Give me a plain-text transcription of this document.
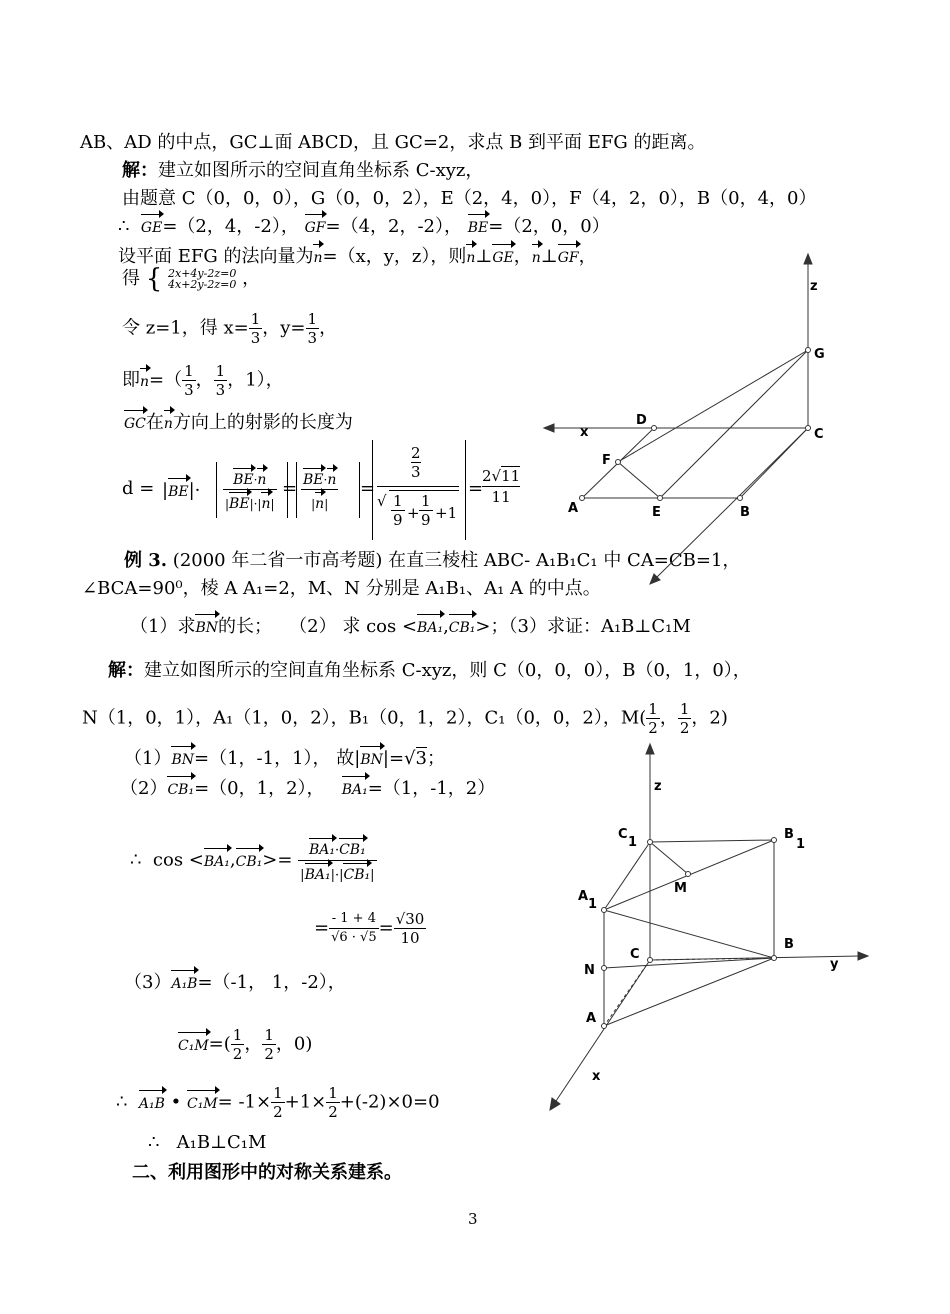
AB、AD 的中点，GC⊥面 ABCD，且 GC=2，求点 B 到平面 EFG 的距离。
解：建立如图所示的空间直角坐标系 C-xyz，
由题意 C（0，0，0），G（0，0，2），E（2，4，0），F（4，2，0），B（0，4，0）
∴ GE=（2，4，-2）， GF=（4，2，-2）， BE=（2，0，0）
设平面 EFG 的法向量为n=（x，y，z），则n⊥GE，n⊥GF，
得 { 2x+4y-2z=0
4x+2y-2z=0 ，
令 z=1，得 $x= \frac{1}{3}$ ，$y= \frac{1}{3}$ ，
即$n=( \frac{1}{3}$ ， $\frac{1}{3}$ ，1），
GC在n方向上的射影的长度为
$d = |BE|\cdot \frac{BE\cdot n}{|BE|\cdot|n|} = \frac{BE\cdot n}{|n|}$ =
2
3
√ $\frac{1}{9} + \frac{1}{9} +1$
=
2√11
11
例 3. (2000 年二省一市高考题) 在直三棱柱 ABC- A₁B₁C₁ 中 CA=CB=1，
∠BCA=90⁰，棱 A A₁=2，M、N 分别是 A₁B₁、A₁ A 的中点。
（1）求BN的长； （2） 求 cos <BA₁,CB₁>；（3）求证：A₁B⊥C₁M
解：建立如图所示的空间直角坐标系 C-xyz，则 C（0，0，0），B（0，1，0），
N（1，0，1），A₁（1，0，2），B₁（0，1，2），C₁（0，0，2），$M( \frac{1}{2}$ ， $\frac{1}{2}$ ，2)
（1）BN=（1，-1，1）， 故|BN|=√3；
（2）CB₁=（0，1，2）， BA₁=（1，-1，2）
∴ $\cos <BA_1,CB_1>= \frac{\text{BA₁·CB₁}}{\text{|BA₁|·|CB₁|}}$
= $\frac{- 1 + 4}{√6 \cdot √5} = \frac{√30}{10}$
（3）A₁B=（-1， 1，-2），
$C_1M=( \frac{1}{2}$ ， $\frac{1}{2}$ ，0)
∴ A₁B • $C_1M= -1\times \frac{1}{2} +1\times \frac{1}{2} +(-2)\times 0=0$
∴ A₁B⊥C₁M
二、利用图形中的对称关系建系。
3
z
G
D
x	C
F
A	E	B
z
C
1
B
1
M
A
1
C
B
y
N
A
x
